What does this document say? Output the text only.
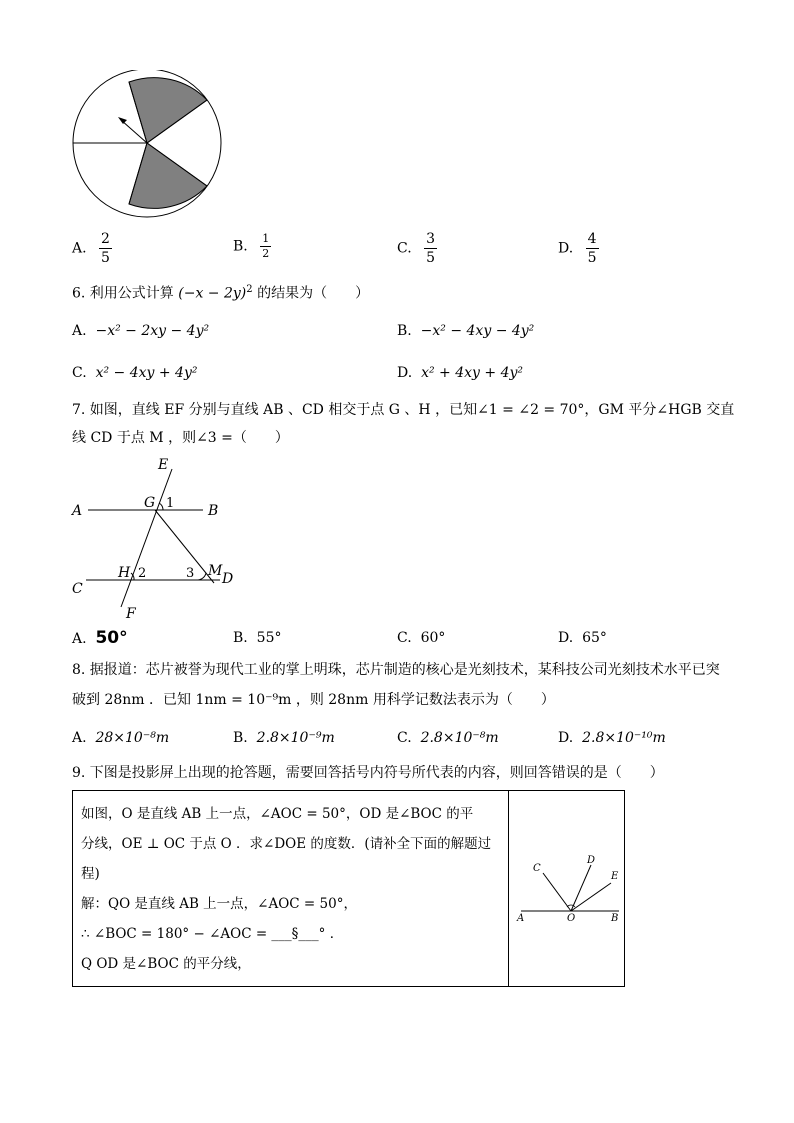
A. $\frac{2}{5}$	B. $\frac{1}{2}$	C. $\frac{3}{5}$	D. $\frac{4}{5}$
6. 利用公式计算 $(-x - 2y)^2$ 的结果为（　　）
A. −x² − 2xy − 4y²	B. −x² − 4xy − 4y²
C. x² − 4xy + 4y²	D. x² + 4xy + 4y²
7. 如图，直线 EF 分别与直线 AB 、CD 相交于点 G 、H ，已知∠1 = ∠2 = 70°，GM 平分∠HGB 交直
线 CD 于点 M ，则∠3 =（　　）
E
A	G 1 B
H 2	3 M D
C
F
A. 50°	B. 55°	C. 60°	D. 65°
8. 据报道：芯片被誉为现代工业的掌上明珠，芯片制造的核心是光刻技术，某科技公司光刻技术水平已突
破到 28nm ．已知 1nm = 10⁻⁹m ，则 28nm 用科学记数法表示为（　　）
A. 28×10⁻⁸m	B. 2.8×10⁻⁹m	C. 2.8×10⁻⁸m	D. 2.8×10⁻¹⁰m
9. 下图是投影屏上出现的抢答题，需要回答括号内符号所代表的内容，则回答错误的是（　　）
如图，O 是直线 AB 上一点，∠AOC = 50°，OD 是∠BOC 的平
分线，OE ⊥ OC 于点 O ．求∠DOE 的度数．(请补全下面的解题过
程)
解：QO 是直线 AB 上一点，∠AOC = 50°，
∴ ∠BOC = 180° − ∠AOC = ___§___° ．
Q OD 是∠BOC 的平分线，
C
D
E
A	O	B
